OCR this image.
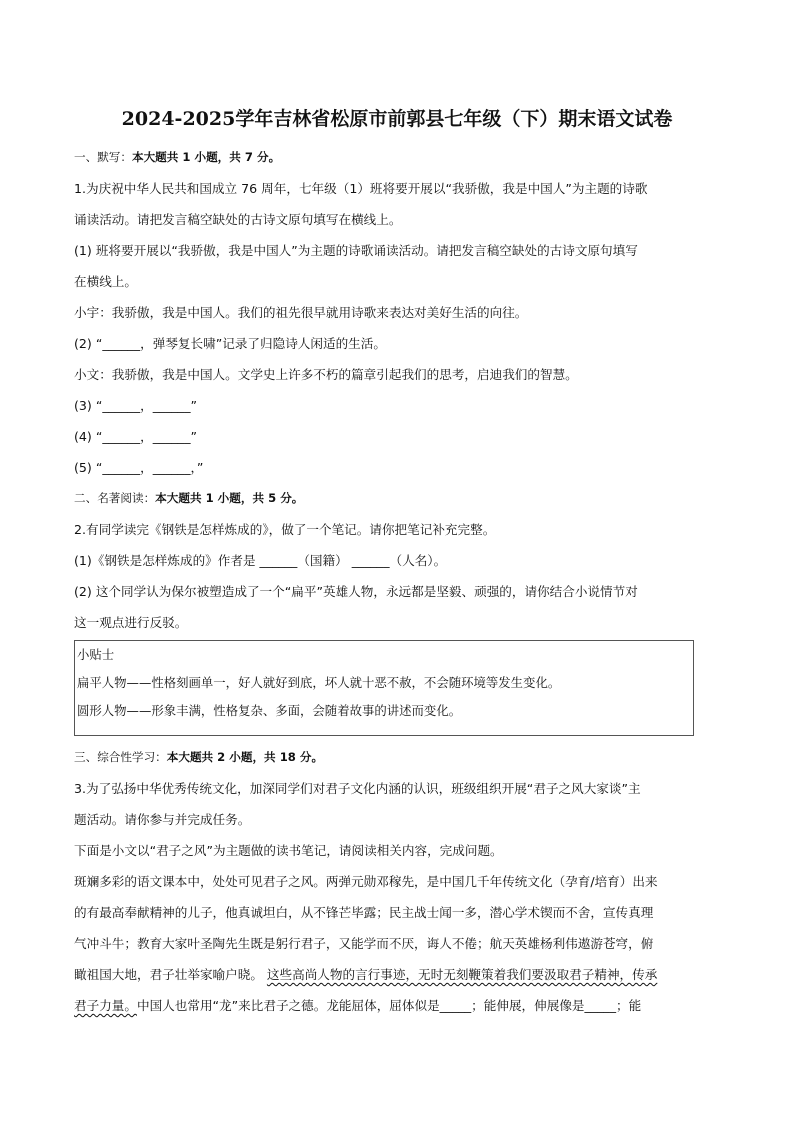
2024-2025学年吉林省松原市前郭县七年级（下）期末语文试卷
一、默写：本大题共 1 小题，共 7 分。
1.为庆祝中华人民共和国成立 76 周年，七年级（1）班将要开展以“我骄傲，我是中国人”为主题的诗歌
诵读活动。请把发言稿空缺处的古诗文原句填写在横线上。
(1) 班将要开展以“我骄傲，我是中国人”为主题的诗歌诵读活动。请把发言稿空缺处的古诗文原句填写
在横线上。
小宇：我骄傲，我是中国人。我们的祖先很早就用诗歌来表达对美好生活的向往。
(2) “______，弹琴复长啸”记录了归隐诗人闲适的生活。
小文：我骄傲，我是中国人。文学史上许多不朽的篇章引起我们的思考，启迪我们的智慧。
(3) “______，______”
(4) “______，______”
(5) “______，______，”
二、名著阅读：本大题共 1 小题，共 5 分。
2.有同学读完《钢铁是怎样炼成的》，做了一个笔记。请你把笔记补充完整。
(1)《钢铁是怎样炼成的》作者是 ______（国籍） ______（人名）。
(2) 这个同学认为保尔被塑造成了一个“扁平”英雄人物，永远都是坚毅、顽强的，请你结合小说情节对
这一观点进行反驳。
小贴士
扁平人物——性格刻画单一，好人就好到底，坏人就十恶不赦，不会随环境等发生变化。
圆形人物——形象丰满，性格复杂、多面，会随着故事的讲述而变化。
三、综合性学习：本大题共 2 小题，共 18 分。
3.为了弘扬中华优秀传统文化，加深同学们对君子文化内涵的认识，班级组织开展“君子之风大家谈”主
题活动。请你参与并完成任务。
下面是小文以“君子之风”为主题做的读书笔记，请阅读相关内容，完成问题。
斑斓多彩的语文课本中，处处可见君子之风。两弹元勋邓稼先，是中国几千年传统文化（孕育/培育）出来
的有最高奉献精神的儿子，他真诚坦白，从不锋芒毕露；民主战士闻一多，潜心学术锲而不舍，宣传真理
气冲斗牛；教育大家叶圣陶先生既是躬行君子，又能学而不厌，诲人不倦；航天英雄杨利伟遨游苍穹，俯
瞰祖国大地，君子壮举家喻户晓。 这些高尚人物的言行事迹，无时无刻鞭策着我们要汲取君子精神，传承
君子力量。中国人也常用“龙”来比君子之德。龙能屈体，屈体似是_____；能伸展，伸展像是_____；能
